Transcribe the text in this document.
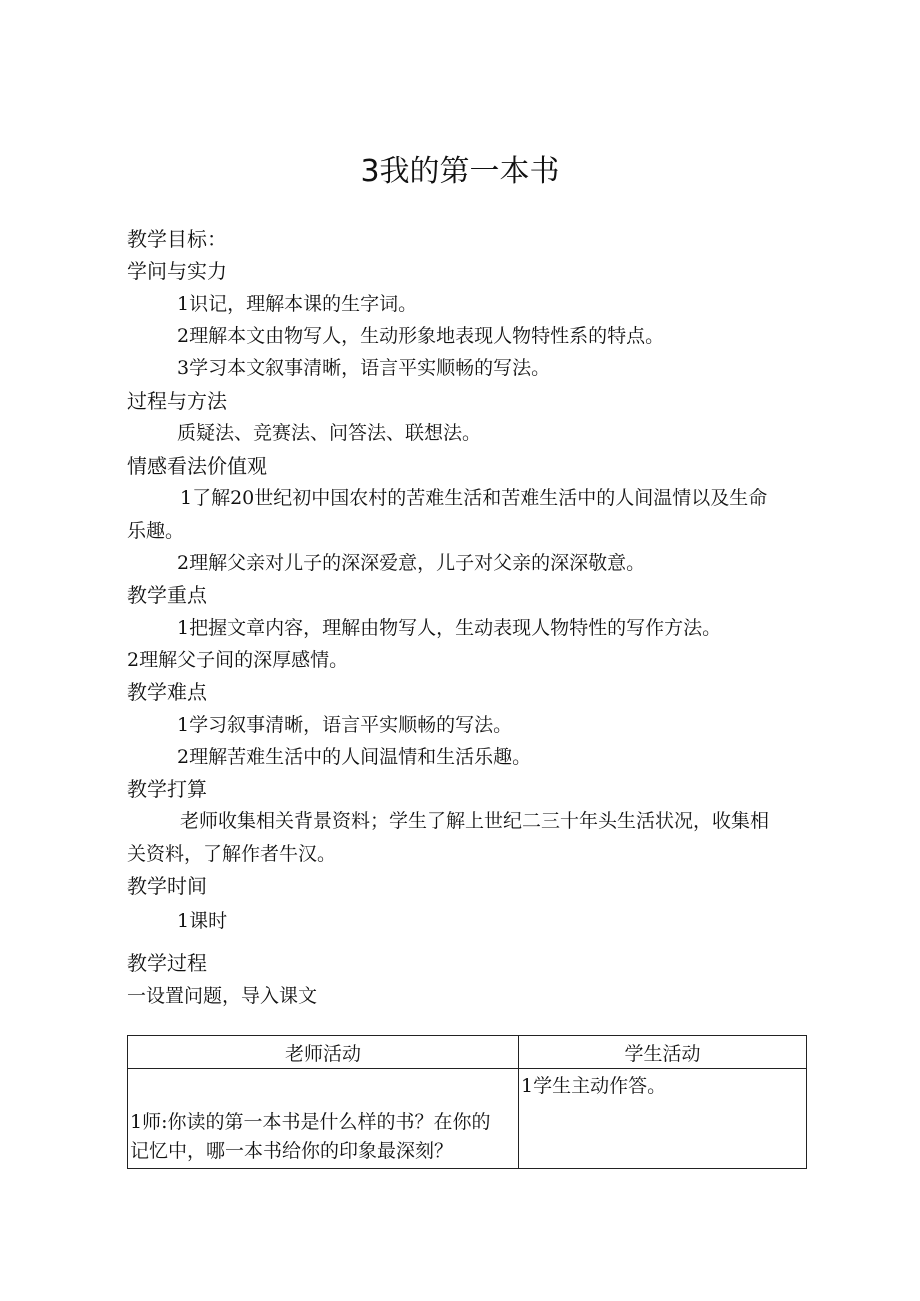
3我的第一本书
教学目标：
学问与实力
1识记，理解本课的生字词。
2理解本文由物写人，生动形象地表现人物特性系的特点。
3学习本文叙事清晰，语言平实顺畅的写法。
过程与方法
质疑法、竞赛法、问答法、联想法。
情感看法价值观
1了解20世纪初中国农村的苦难生活和苦难生活中的人间温情以及生命
乐趣。
2理解父亲对儿子的深深爱意，儿子对父亲的深深敬意。
教学重点
1把握文章内容，理解由物写人，生动表现人物特性的写作方法。
2理解父子间的深厚感情。
教学难点
1学习叙事清晰，语言平实顺畅的写法。
2理解苦难生活中的人间温情和生活乐趣。
教学打算
老师收集相关背景资料；学生了解上世纪二三十年头生活状况，收集相
关资料，了解作者牛汉。
教学时间
1课时
教学过程
一设置问题，导入课文
老师活动	学生活动

1师:你读的第一本书是什么样的书？在你的
记忆中，哪一本书给你的印象最深刻？	1学生主动作答。
